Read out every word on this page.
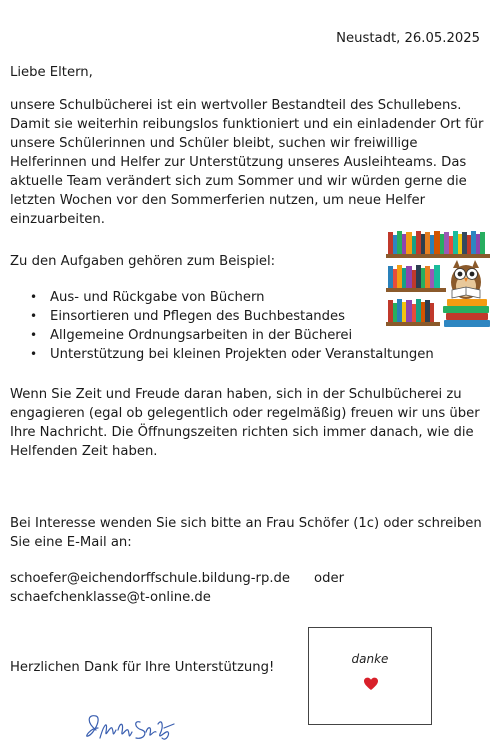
Neustadt, 26.05.2025
Liebe Eltern,
unsere Schulbücherei ist ein wertvoller Bestandteil des Schullebens. Damit sie weiterhin reibungslos funktioniert und ein einladender Ort für unsere Schülerinnen und Schüler bleibt, suchen wir freiwillige Helferinnen und Helfer zur Unterstützung unseres Ausleihteams. Das aktuelle Team verändert sich zum Sommer und wir würden gerne die letzten Wochen vor den Sommerferien nutzen, um neue Helfer einzuarbeiten.
Zu den Aufgaben gehören zum Beispiel:
• Aus- und Rückgabe von Büchern
• Einsortieren und Pflegen des Buchbestandes
• Allgemeine Ordnungsarbeiten in der Bücherei
• Unterstützung bei kleinen Projekten oder Veranstaltungen
Wenn Sie Zeit und Freude daran haben, sich in der Schulbücherei zu engagieren (egal ob gelegentlich oder regelmäßig) freuen wir uns über Ihre Nachricht. Die Öffnungszeiten richten sich immer danach, wie die Helfenden Zeit haben.
Bei Interesse wenden Sie sich bitte an Frau Schöfer (1c) oder schreiben Sie eine E-Mail an:
schoefer@eichendorffschule.bildung-rp.de oder
schaefchenklasse@t-online.de
Herzlichen Dank für Ihre Unterstützung!
danke
